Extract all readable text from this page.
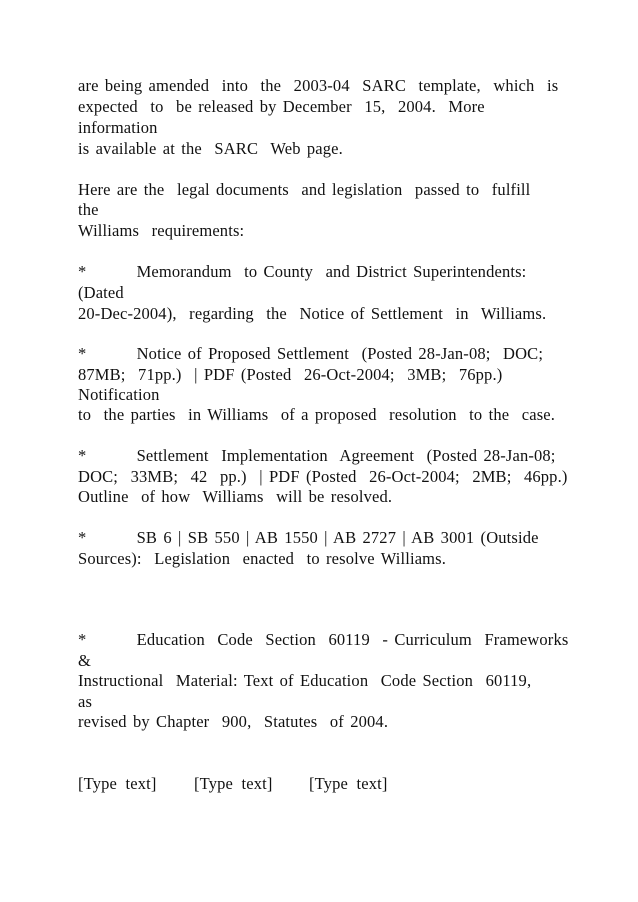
are being amended  into  the  2003-04  SARC  template,  which  is
expected  to  be released by December  15,  2004.  More
information
is available at the  SARC  Web page.
Here are the  legal documents  and legislation  passed to  fulfill
the
Williams  requirements:
*        Memorandum  to County  and District Superintendents:
(Dated
20-Dec-2004),  regarding  the  Notice of Settlement  in  Williams.
*        Notice of Proposed Settlement  (Posted 28-Jan-08;  DOC;
87MB;  71pp.)  | PDF (Posted  26-Oct-2004;  3MB;  76pp.)
Notification
to  the parties  in Williams  of a proposed  resolution  to the  case.
*        Settlement  Implementation  Agreement  (Posted 28-Jan-08;
DOC;  33MB;  42  pp.)  | PDF (Posted  26-Oct-2004;  2MB;  46pp.)
Outline  of how  Williams  will be resolved.
*        SB 6 | SB 550 | AB 1550 | AB 2727 | AB 3001 (Outside
Sources):  Legislation  enacted  to resolve Williams.
*        Education  Code  Section  60119  - Curriculum  Frameworks
&
Instructional  Material: Text of Education  Code Section  60119,
as
revised by Chapter  900,  Statutes  of 2004.
[Type  text] [Type  text] [Type  text]
